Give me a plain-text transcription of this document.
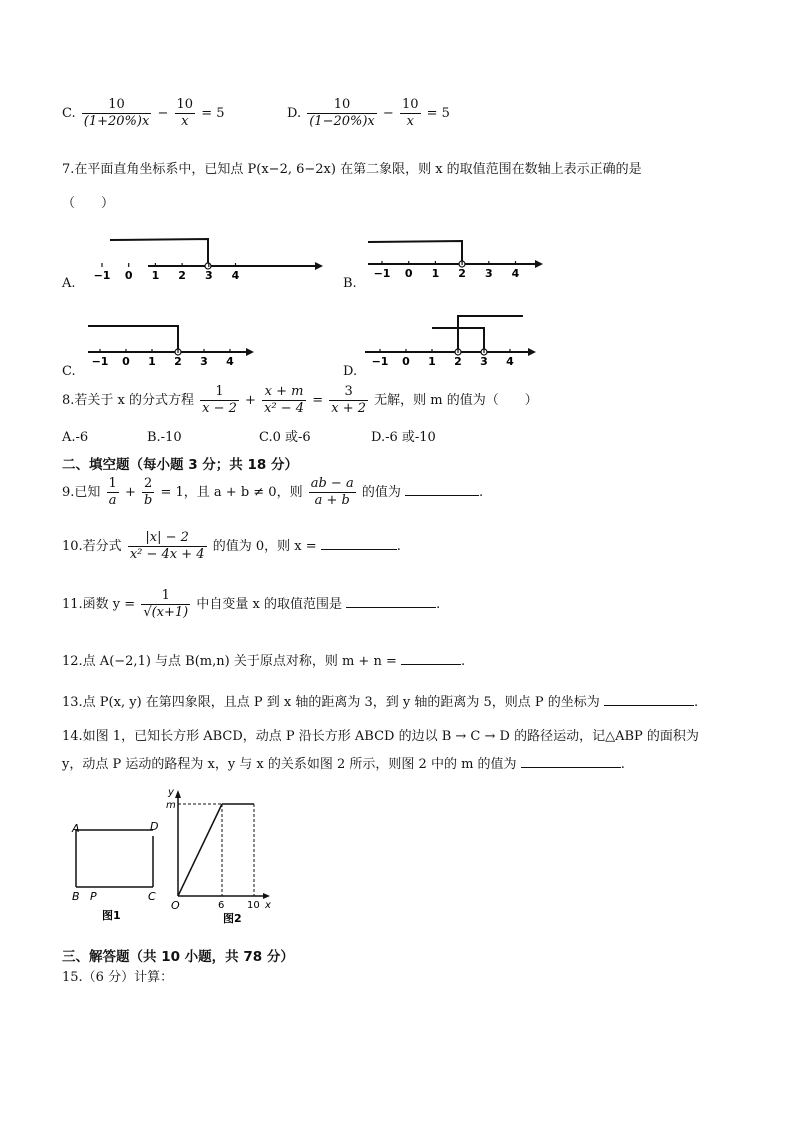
C. $\frac{10}{(1+20\%)x} - \frac{10}{x} = 5$	D. $\frac{10}{(1-20\%)x} - \frac{10}{x} = 5$
7.在平面直角坐标系中，已知点 P(x−2, 6−2x) 在第二象限，则 x 的取值范围在数轴上表示正确的是
（　　）
−1 0 1 2 3 4	−1 0 1 2 3 4
−1 0 1 2 3 4	−1 0 1 2 3 4
A.	B.
C.	D.
8.若关于 x 的分式方程 $\frac{1}{x - 2} + \frac{x + m}{\text{x² − 4}} = \frac{3}{x + 2}$ 无解，则 m 的值为（　　）
A.-6	B.-10	C.0 或-6	D.-6 或-10
二、填空题（每小题 3 分；共 18 分）
9.已知 $\frac{1}{a} + \frac{2}{b} = 1$，且 a + b ≠ 0，则 $\frac{ab - a}{a + b}$ 的值为	.
10.若分式 $\frac{|x| - 2}{\text{x² − 4x + 4}}$ 的值为 0，则 x =	.
11.函数 $y = \frac{1}{√(x+1)}$ 中自变量 x 的取值范围是	.
12.点 A(−2,1) 与点 B(m,n) 关于原点对称，则 m + n =	.
13.点 P(x, y) 在第四象限，且点 P 到 x 轴的距离为 3，到 y 轴的距离为 5，则点 P 的坐标为	.
14.如图 1，已知长方形 ABCD，动点 P 沿长方形 ABCD 的边以 B → C → D 的路径运动，记△ABP 的面积为
y，动点 P 运动的路程为 x，y 与 x 的关系如图 2 所示，则图 2 中的 m 的值为	.
A	D
B P	C
图1
y
m
O	6 10 x
图2
三、解答题（共 10 小题，共 78 分）
15.（6 分）计算：
